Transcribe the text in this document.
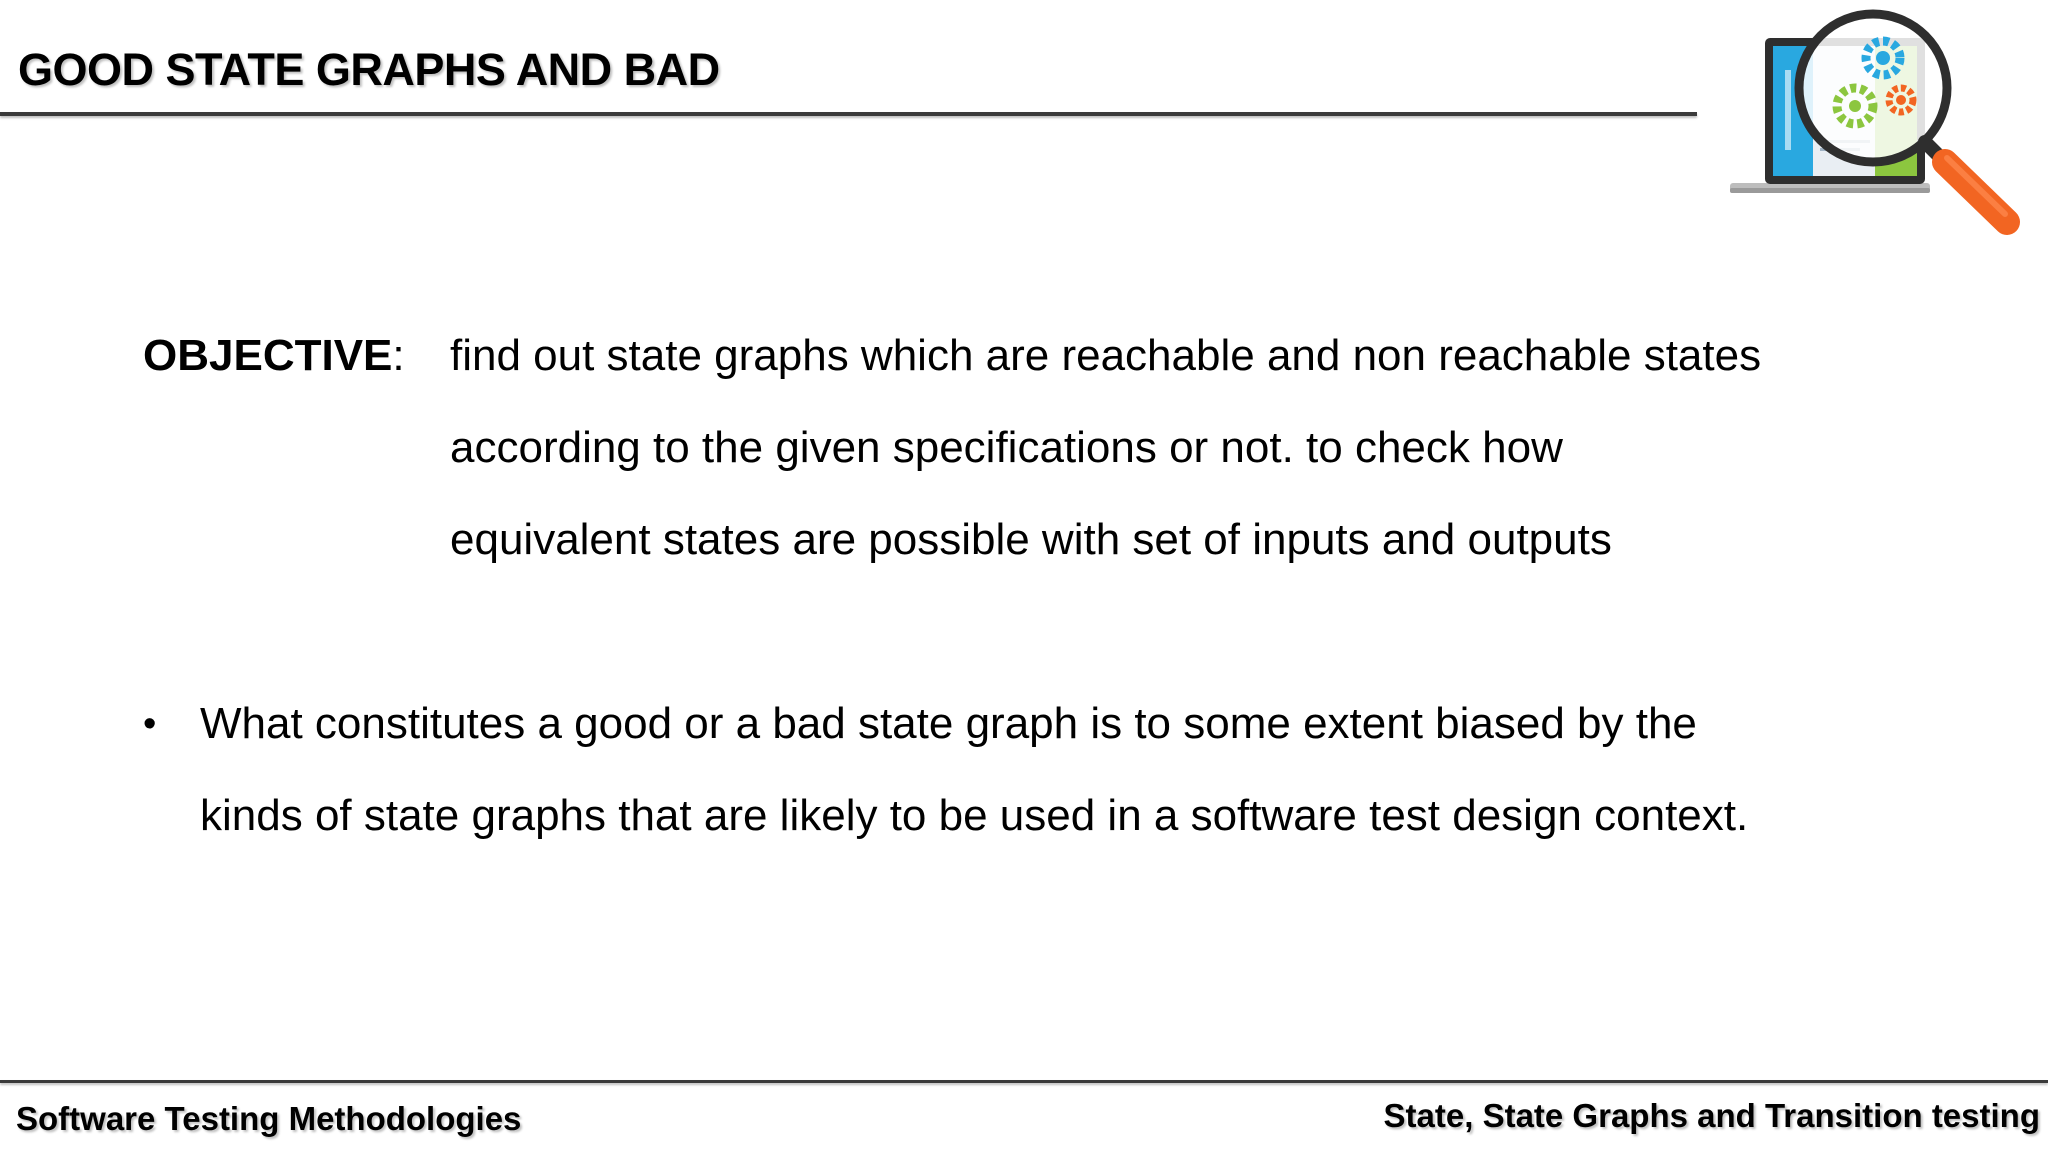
GOOD STATE GRAPHS AND BAD
OBJECTIVE: find out state graphs which are reachable and non reachable states
according to the given specifications or not. to check how
equivalent states are possible with set of inputs and outputs
• What constitutes a good or a bad state graph is to some extent biased by the
kinds of state graphs that are likely to be used in a software test design context.
Software Testing Methodologies	State, State Graphs and Transition testing
